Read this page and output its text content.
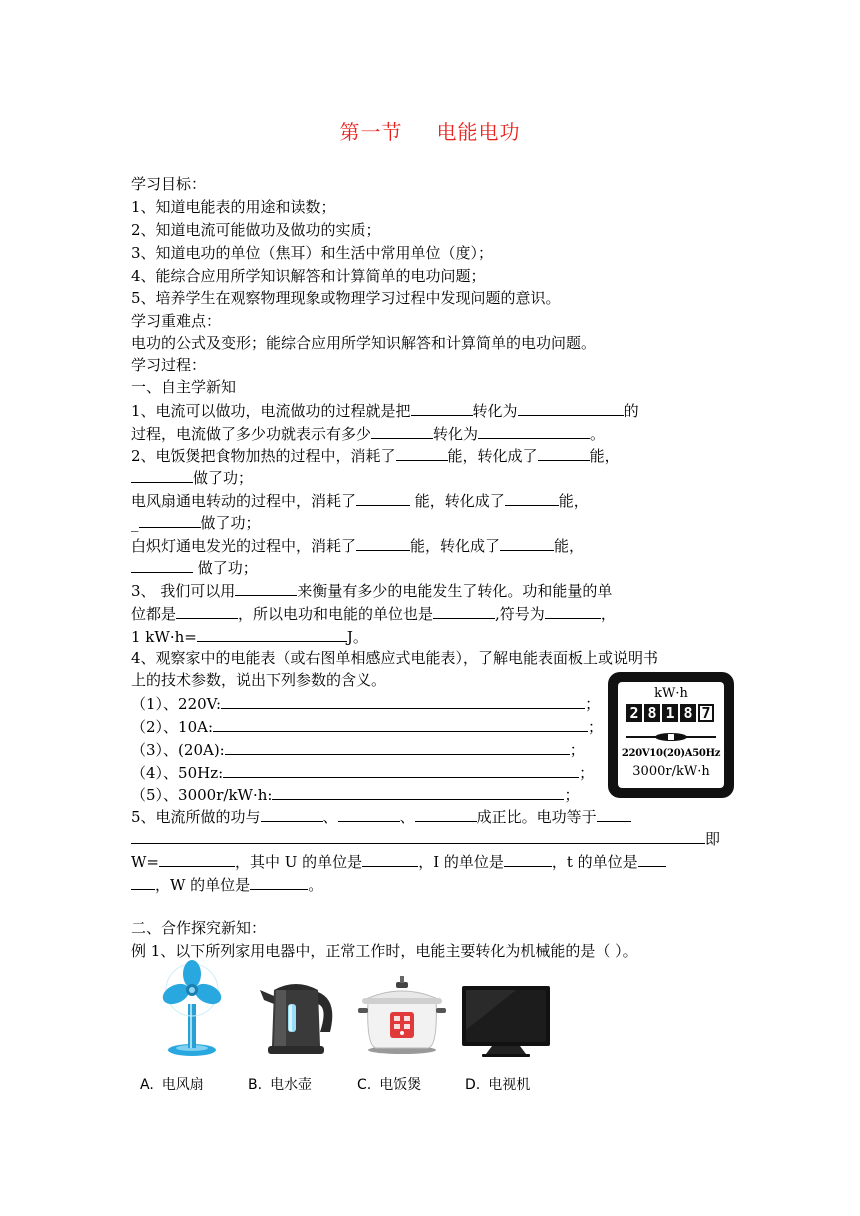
第一节 电能电功
学习目标：
1、知道电能表的用途和读数；
2、知道电流可能做功及做功的实质；
3、知道电功的单位（焦耳）和生活中常用单位（度）；
4、能综合应用所学知识解答和计算简单的电功问题；
5、培养学生在观察物理现象或物理学习过程中发现问题的意识。
学习重难点：
电功的公式及变形；能综合应用所学知识解答和计算简单的电功问题。
学习过程：
一、自主学新知
1、电流可以做功，电流做功的过程就是把	转化为	的
过程，电流做了多少功就表示有多少	转化为	。
2、电饭煲把食物加热的过程中，消耗了	能，转化成了	能，
做了功；
电风扇通电转动的过程中，消耗了	能，转化成了	能，
_	做了功；
白炽灯通电发光的过程中，消耗了	能，转化成了	能，
做了功；
3、 我们可以用	来衡量有多少的电能发生了转化。功和能量的单
位都是	，所以电功和电能的单位也是	,符号为	，
1 kW·h=	J。
4、观察家中的电能表（或右图单相感应式电能表），了解电能表面板上或说明书
上的技术参数，说出下列参数的含义。
（1）、220V:	；
（2）、10A:	；
（3）、(20A):	；
（4）、50Hz:	；
（5）、3000r/kW·h:	；
kW·h
2 8 1 8 7
220V10(20)A50Hz
3000r/kW·h
5、电流所做的功与	、	、	成正比。电功等于
即
W=	，其中 U 的单位是	，I 的单位是	，t 的单位是
，W 的单位是	。
二、合作探究新知：
例 1、以下所列家用电器中，正常工作时，电能主要转化为机械能的是（ ）。
A. 电风扇	B. 电水壶	C. 电饭煲	D. 电视机
